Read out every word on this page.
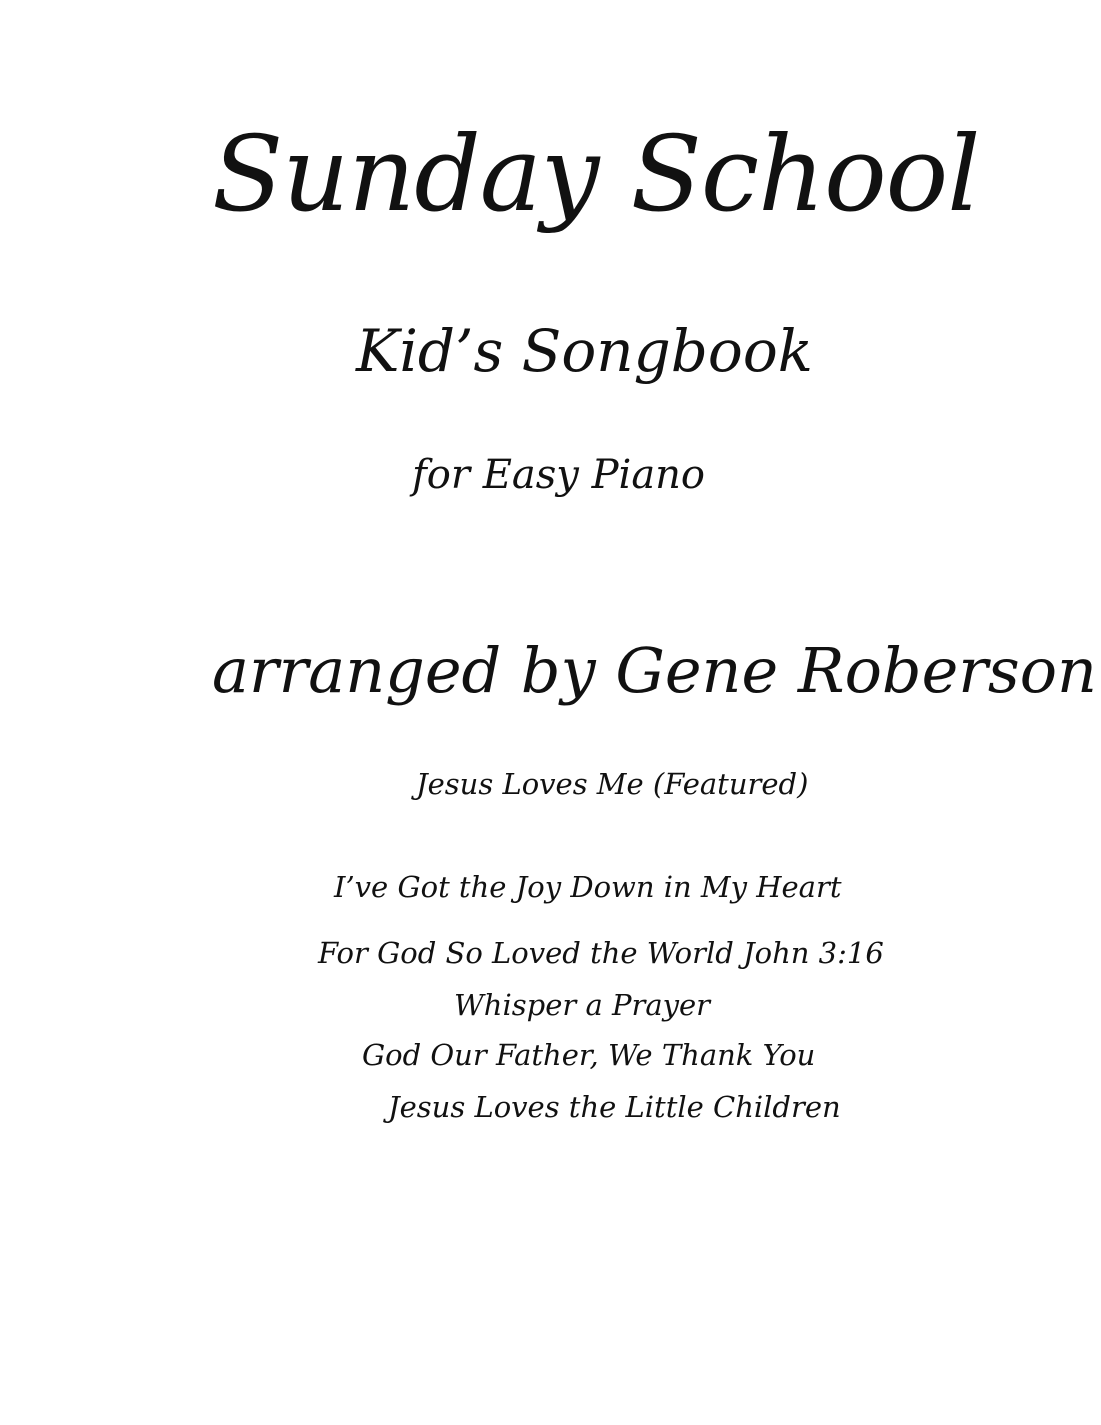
Sunday School
Kid’s Songbook
for Easy Piano
arranged by Gene Roberson
Jesus Loves Me (Featured)
I’ve Got the Joy Down in My Heart
For God So Loved the World John 3:16
Whisper a Prayer
God Our Father, We Thank You
Jesus Loves the Little Children
